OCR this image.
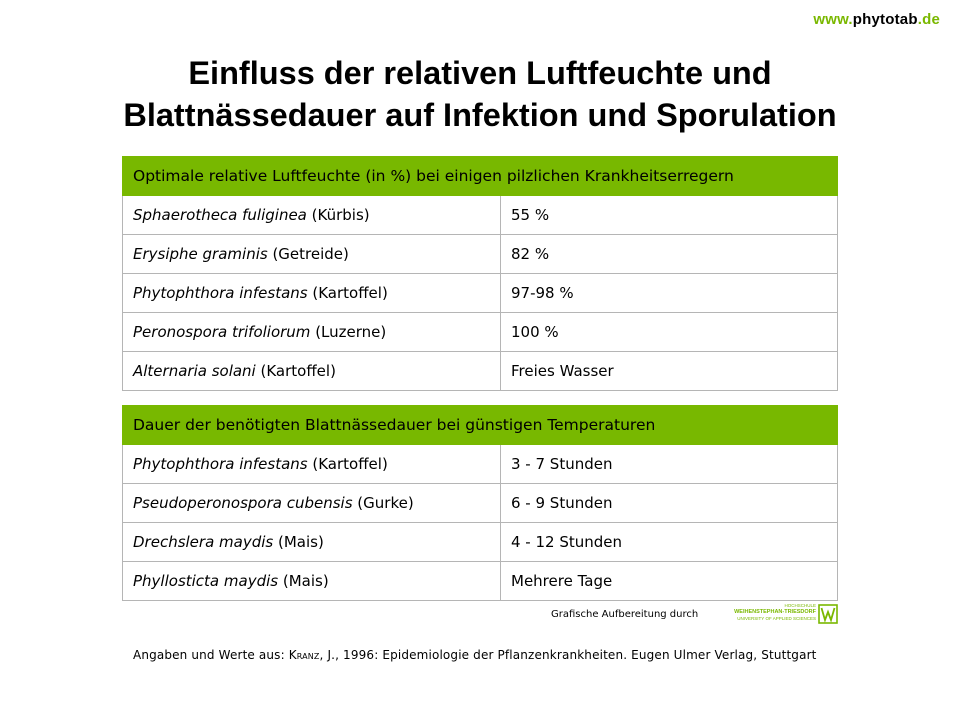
www.phytotab.de
Einfluss der relativen Luftfeuchte und
Blattnässedauer auf Infektion und Sporulation
Optimale relative Luftfeuchte (in %) bei einigen pilzlichen Krankheitserregern	
Sphaerotheca fuliginea (Kürbis)	55 %
Erysiphe graminis (Getreide)	82 %
Phytophthora infestans (Kartoffel)	97-98 %
Peronospora trifoliorum (Luzerne)	100 %
Alternaria solani (Kartoffel)	Freies Wasser
Dauer der benötigten Blattnässedauer bei günstigen Temperaturen	
Phytophthora infestans (Kartoffel)	3 - 7 Stunden
Pseudoperonospora cubensis (Gurke)	6 - 9 Stunden
Drechslera maydis (Mais)	4 - 12 Stunden
Phyllosticta maydis (Mais)	Mehrere Tage
Grafische Aufbereitung durch
HOCHSCHULE
WEIHENSTEPHAN-TRIESDORF
UNIVERSITY OF APPLIED SCIENCES
Angaben und Werte aus: Kranz, J., 1996: Epidemiologie der Pflanzenkrankheiten. Eugen Ulmer Verlag, Stuttgart
